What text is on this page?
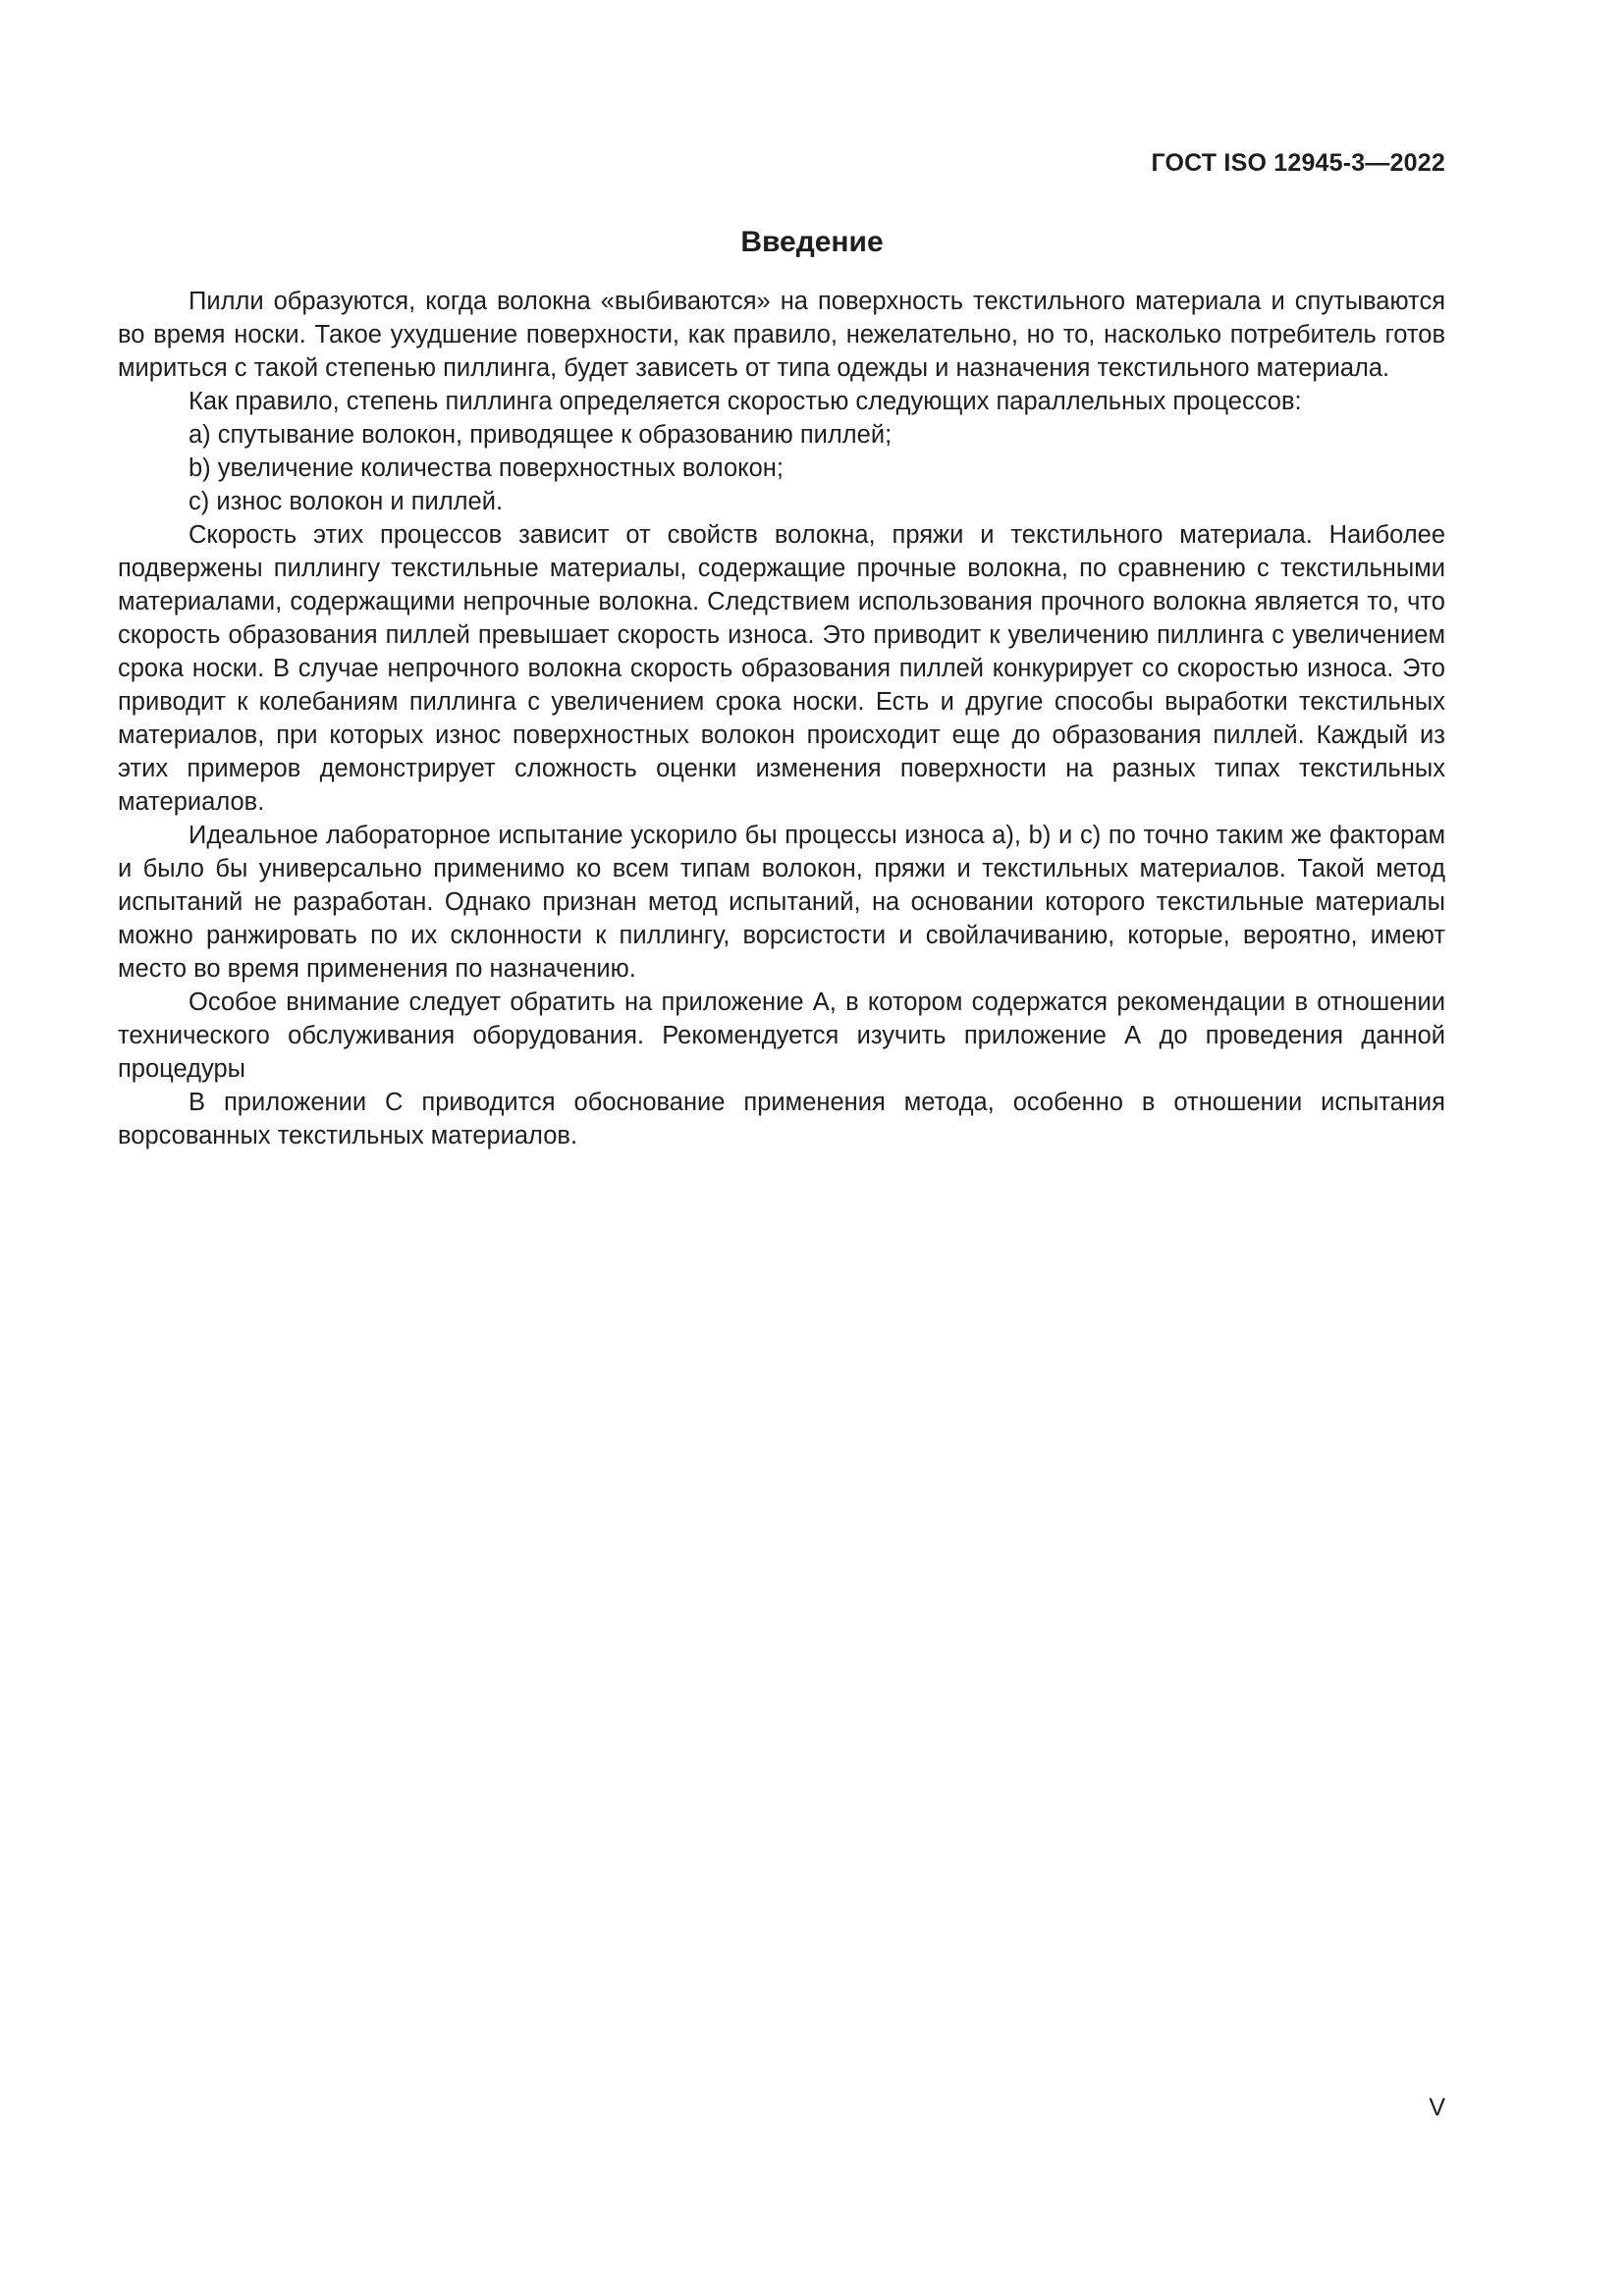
ГОСТ ISO 12945-3—2022
Введение

Пилли образуются, когда волокна «выбиваются» на поверхность текстильного материала и спутываются во время носки. Такое ухудшение поверхности, как правило, нежелательно, но то, насколько потребитель готов мириться с такой степенью пиллинга, будет зависеть от типа одежды и назначения текстильного материала.

Как правило, степень пиллинга определяется скоростью следующих параллельных процессов:

a) спутывание волокон, приводящее к образованию пиллей;

b) увеличение количества поверхностных волокон;

c) износ волокон и пиллей.

Скорость этих процессов зависит от свойств волокна, пряжи и текстильного материала. Наиболее подвержены пиллингу текстильные материалы, содержащие прочные волокна, по сравнению с текстильными материалами, содержащими непрочные волокна. Следствием использования прочного волокна является то, что скорость образования пиллей превышает скорость износа. Это приводит к увеличению пиллинга с увеличением срока носки. В случае непрочного волокна скорость образования пиллей конкурирует со скоростью износа. Это приводит к колебаниям пиллинга с увеличением срока носки. Есть и другие способы выработки текстильных материалов, при которых износ поверхностных волокон происходит еще до образования пиллей. Каждый из этих примеров демонстрирует сложность оценки изменения поверхности на разных типах текстильных материалов.

Идеальное лабораторное испытание ускорило бы процессы износа а), b) и с) по точно таким же факторам и было бы универсально применимо ко всем типам волокон, пряжи и текстильных материалов. Такой метод испытаний не разработан. Однако признан метод испытаний, на основании которого текстильные материалы можно ранжировать по их склонности к пиллингу, ворсистости и свойлачиванию, которые, вероятно, имеют место во время применения по назначению.

Особое внимание следует обратить на приложение А, в котором содержатся рекомендации в отношении технического обслуживания оборудования. Рекомендуется изучить приложение А до проведения данной процедуры

В приложении С приводится обоснование применения метода, особенно в отношении испытания ворсованных текстильных материалов.

V
